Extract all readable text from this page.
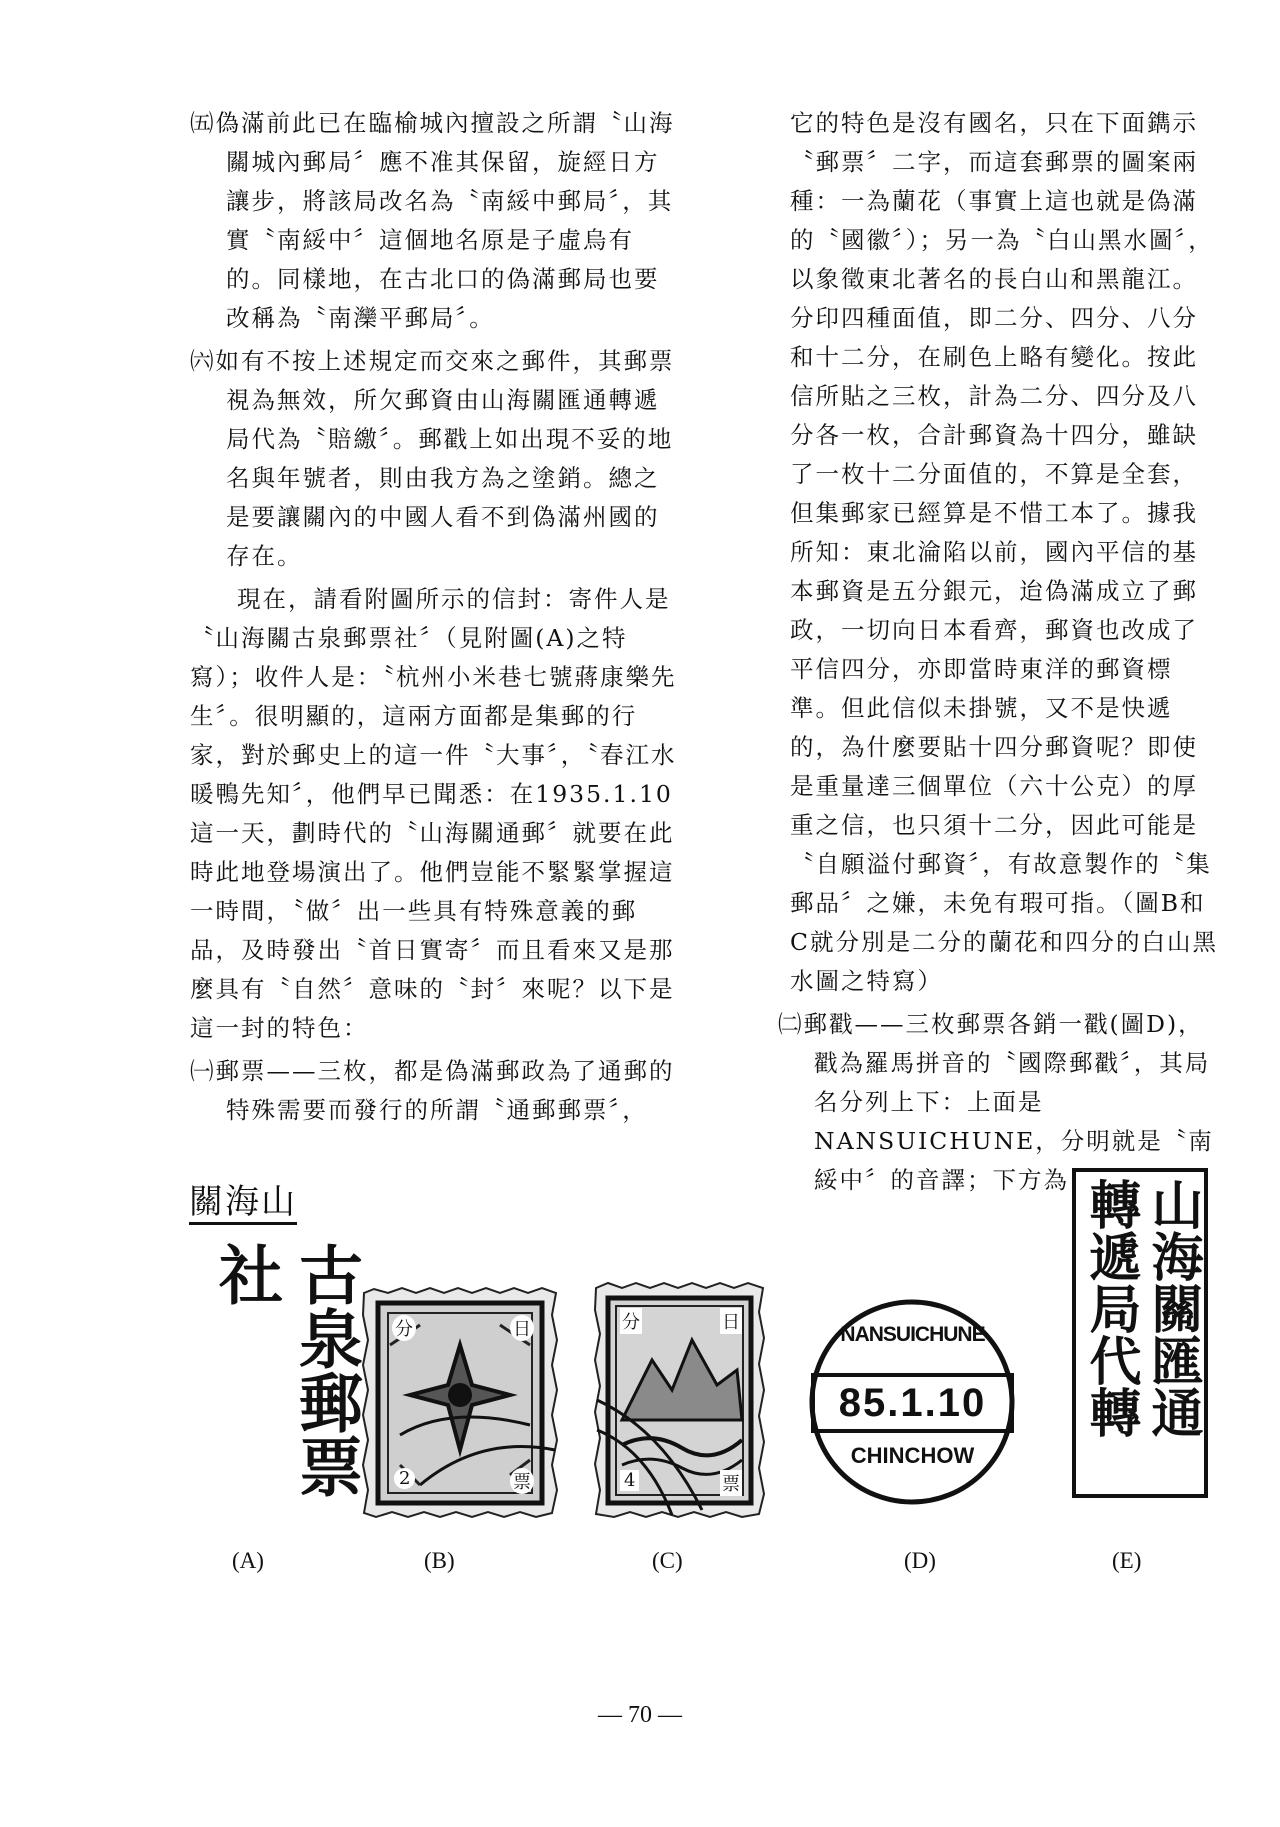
㈤偽滿前此已在臨榆城內擅設之所謂〝山海關城內郵局〞應不准其保留，旋經日方讓步，將該局改名為〝南綏中郵局〞，其實〝南綏中〞這個地名原是子虛烏有的。同樣地，在古北口的偽滿郵局也要改稱為〝南灤平郵局〞。

㈥如有不按上述規定而交來之郵件，其郵票視為無效，所欠郵資由山海關匯通轉遞局代為〝賠繳〞。郵戳上如出現不妥的地名與年號者，則由我方為之塗銷。總之是要讓關內的中國人看不到偽滿州國的存在。

現在，請看附圖所示的信封：寄件人是〝山海關古泉郵票社〞（見附圖(A)之特寫）；收件人是：〝杭州小米巷七號蔣康樂先生〞。很明顯的，這兩方面都是集郵的行家，對於郵史上的這一件〝大事〞，〝春江水暖鴨先知〞，他們早已聞悉：在1935.1.10這一天，劃時代的〝山海關通郵〞就要在此時此地登場演出了。他們豈能不緊緊掌握這一時間，〝做〞出一些具有特殊意義的郵品，及時發出〝首日實寄〞而且看來又是那麼具有〝自然〞意味的〝封〞來呢？以下是這一封的特色：

㈠郵票——三枚，都是偽滿郵政為了通郵的特殊需要而發行的所謂〝通郵郵票〞，

它的特色是沒有國名，只在下面鐫示〝郵票〞二字，而這套郵票的圖案兩種：一為蘭花（事實上這也就是偽滿的〝國徽〞）；另一為〝白山黑水圖〞，以象徵東北著名的長白山和黑龍江。分印四種面值，即二分、四分、八分和十二分，在刷色上略有變化。按此信所貼之三枚，計為二分、四分及八分各一枚，合計郵資為十四分，雖缺了一枚十二分面值的，不算是全套，但集郵家已經算是不惜工本了。據我所知：東北淪陷以前，國內平信的基本郵資是五分銀元，迨偽滿成立了郵政，一切向日本看齊，郵資也改成了平信四分，亦即當時東洋的郵資標準。但此信似未掛號，又不是快遞的，為什麼要貼十四分郵資呢？即使是重量達三個單位（六十公克）的厚重之信，也只須十二分，因此可能是〝自願溢付郵資〞，有故意製作的〝集郵品〞之嫌，未免有瑕可指。（圖B和C就分別是二分的蘭花和四分的白山黑水圖之特寫）

㈡郵戳——三枚郵票各銷一戳(圖D)，戳為羅馬拼音的〝國際郵戳〞，其局名分列上下：上面是NANSUICHUNE，分明就是〝南綏中〞的音譯；下方為

關海山
古泉郵票社
分	日
2	票
分	日
4	票
NANSUICHUNE
85.1.10
CHINCHOW
山海關匯通
轉遞局代轉
(A)	(B)	(C)	(D)	(E)
— 70 —
